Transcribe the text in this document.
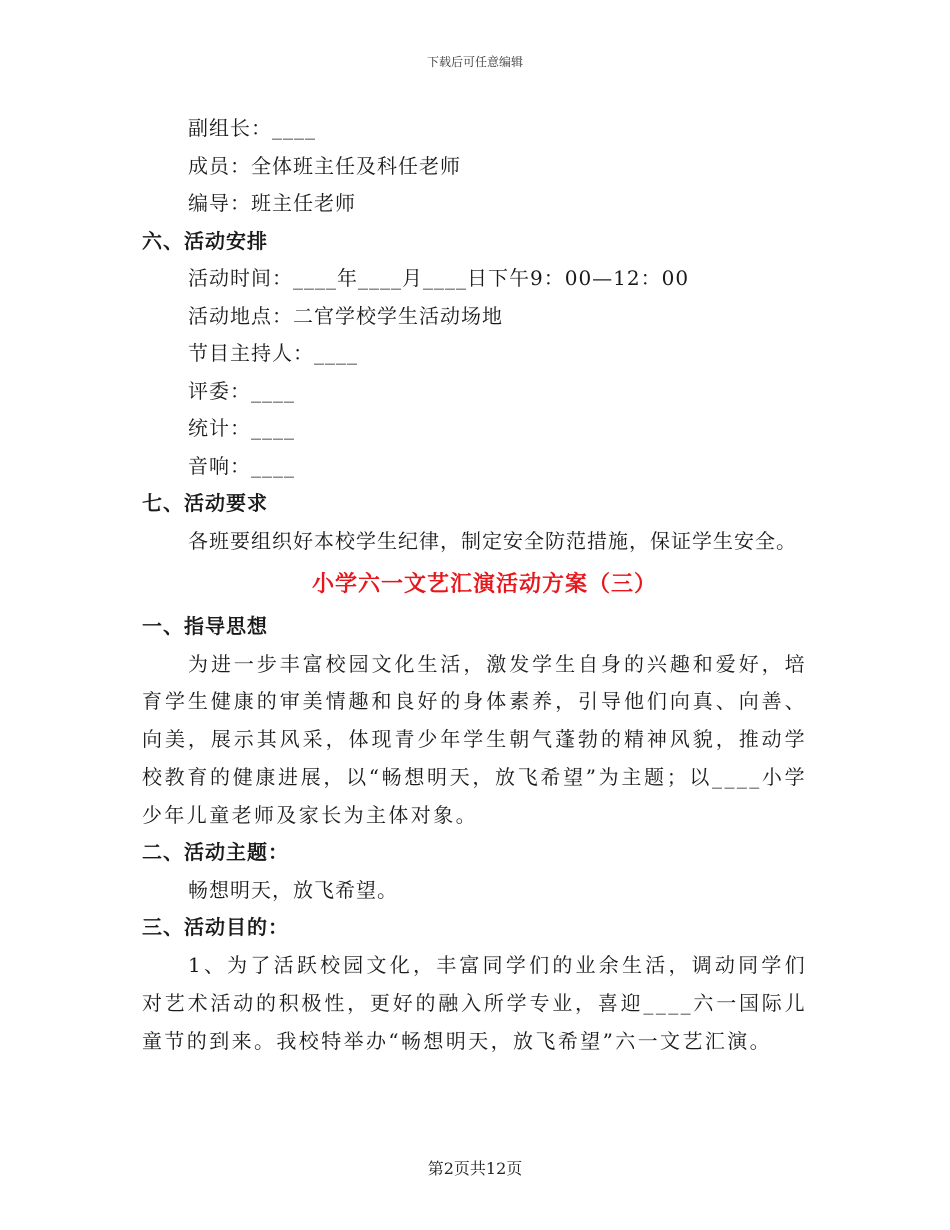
下载后可任意编辑
副组长：____
成员：全体班主任及科任老师
编导：班主任老师
六、活动安排
活动时间：____年____月____日下午9：00—12：00
活动地点：二官学校学生活动场地
节目主持人：____
评委：____
统计：____
音响：____
七、活动要求
各班要组织好本校学生纪律，制定安全防范措施，保证学生安全。
小学六一文艺汇演活动方案（三）
一、指导思想
为进一步丰富校园文化生活，激发学生自身的兴趣和爱好，培育学生健康的审美情趣和良好的身体素养，引导他们向真、向善、向美，展示其风采，体现青少年学生朝气蓬勃的精神风貌，推动学校教育的健康进展，以“畅想明天，放飞希望”为主题；以____小学少年儿童老师及家长为主体对象。
二、活动主题：
畅想明天，放飞希望。
三、活动目的：
1、为了活跃校园文化，丰富同学们的业余生活，调动同学们对艺术活动的积极性，更好的融入所学专业，喜迎____六一国际儿童节的到来。我校特举办“畅想明天，放飞希望”六一文艺汇演。
第2页共12页
